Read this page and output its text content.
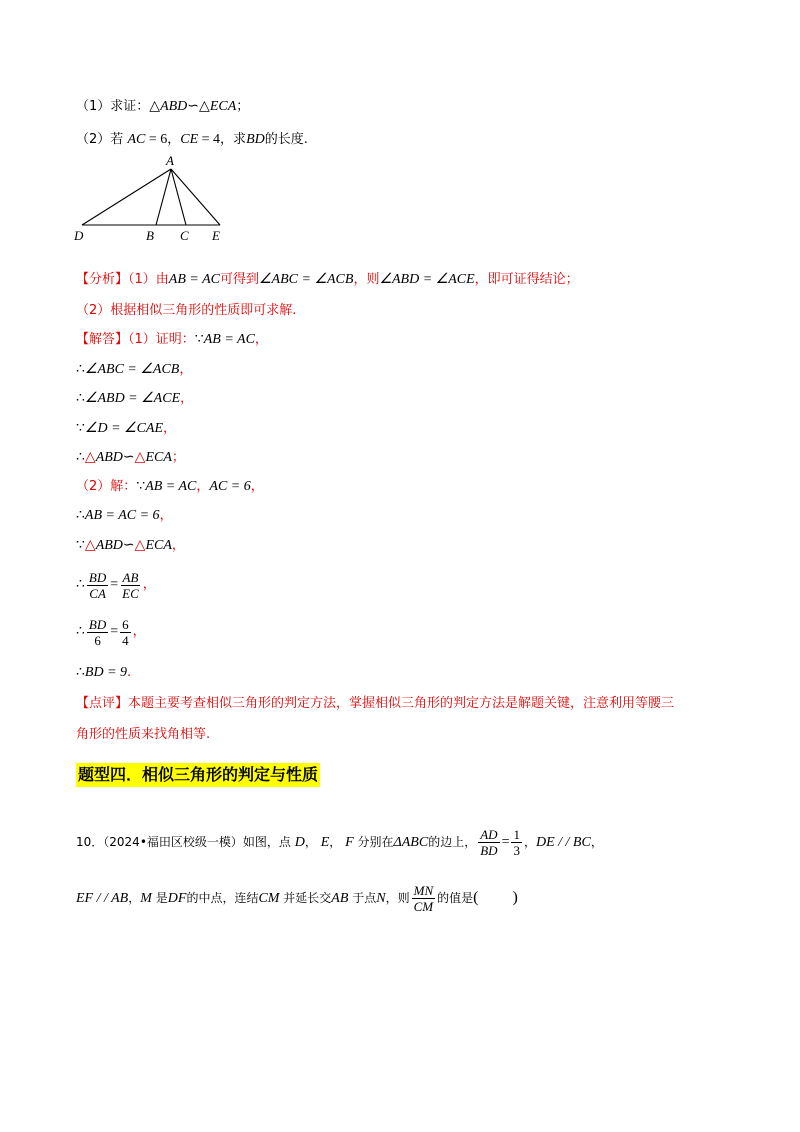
（1）求证：△ABD∽△ECA；
（2）若 AC = 6，CE = 4，求BD的长度.
A
D	B C E
【分析】（1）由AB = AC可得到∠ABC = ∠ACB，则∠ABD = ∠ACE，即可证得结论；
（2）根据相似三角形的性质即可求解.
【解答】（1）证明：∵AB = AC，
∴∠ABC = ∠ACB，
∴∠ABD = ∠ACE，
∵∠D = ∠CAE，
∴△ABD∽△ECA；
（2）解：∵AB = AC，AC = 6，
∴AB = AC = 6，
∵△ABD∽△ECA，
∴ $\frac{BD}{CA} = \frac{AB}{EC}$ ，
∴ $\frac{BD}{6} = \frac{6}{4}$ ，
∴BD = 9.
【点评】本题主要考查相似三角形的判定方法，掌握相似三角形的判定方法是解题关键，注意利用等腰三
角形的性质来找角相等.
题型四．相似三角形的判定与性质
10．（2024•福田区校级一模）如图，点 D， E， F 分别在ΔABC的边上， $\frac{AD}{BD} = \frac{1}{3}$ ，DE / / BC，
EF / / AB，M 是DF的中点，连结CM 并延长交AB 于点N，则 $\frac{MN}{CM}$ 的值是( )
